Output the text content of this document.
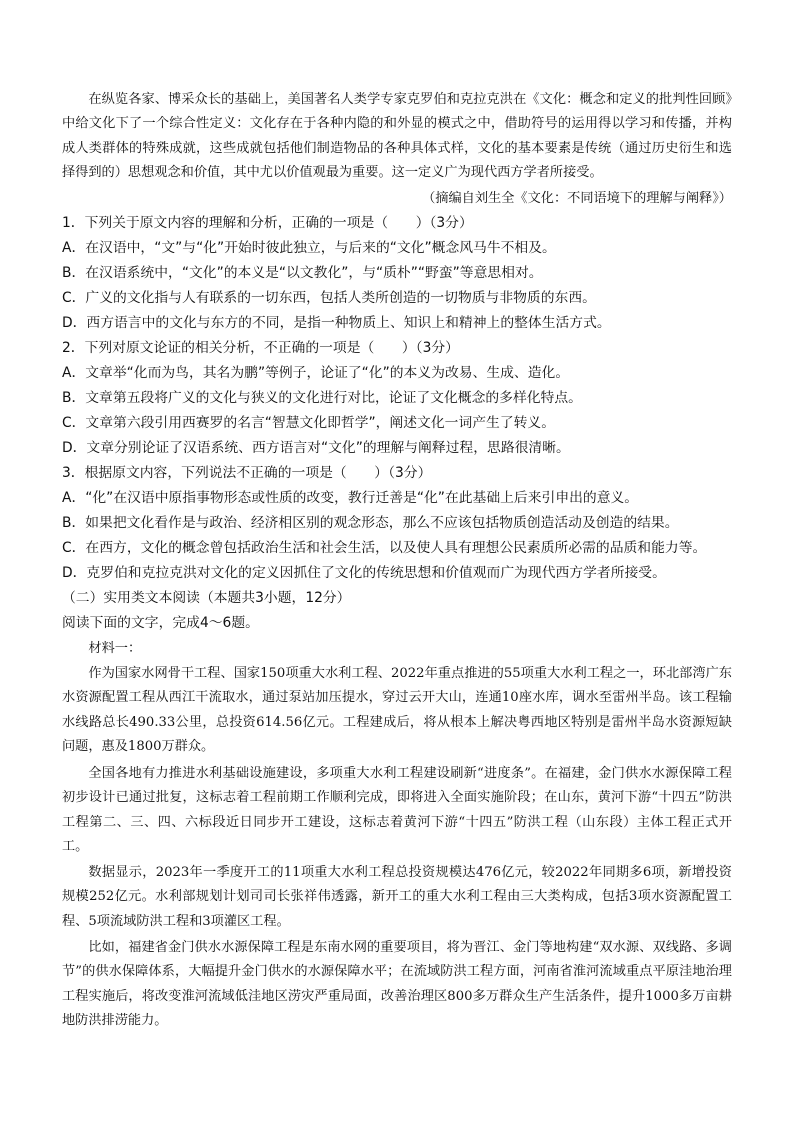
在纵览各家、博采众长的基础上，美国著名人类学专家克罗伯和克拉克洪在《文化：概念和定义的批判性回顾》中给文化下了一个综合性定义：文化存在于各种内隐的和外显的模式之中，借助符号的运用得以学习和传播，并构成人类群体的特殊成就，这些成就包括他们制造物品的各种具体式样，文化的基本要素是传统（通过历史衍生和选择得到的）思想观念和价值，其中尤以价值观最为重要。这一定义广为现代西方学者所接受。

（摘编自刘生全《文化：不同语境下的理解与阐释》）

1．下列关于原文内容的理解和分析，正确的一项是（　　）（3分）

A．在汉语中，“文”与“化”开始时彼此独立，与后来的“文化”概念风马牛不相及。

B．在汉语系统中，“文化”的本义是“以文教化”，与“质朴”“野蛮”等意思相对。

C．广义的文化指与人有联系的一切东西，包括人类所创造的一切物质与非物质的东西。

D．西方语言中的文化与东方的不同，是指一种物质上、知识上和精神上的整体生活方式。

2．下列对原文论证的相关分析，不正确的一项是（　　）（3分）

A．文章举“化而为鸟，其名为鹏”等例子，论证了“化”的本义为改易、生成、造化。

B．文章第五段将广义的文化与狭义的文化进行对比，论证了文化概念的多样化特点。

C．文章第六段引用西赛罗的名言“智慧文化即哲学”，阐述文化一词产生了转义。

D．文章分别论证了汉语系统、西方语言对“文化”的理解与阐释过程，思路很清晰。

3．根据原文内容，下列说法不正确的一项是（　　）（3分）

A．“化”在汉语中原指事物形态或性质的改变，教行迁善是“化”在此基础上后来引申出的意义。

B．如果把文化看作是与政治、经济相区别的观念形态，那么不应该包括物质创造活动及创造的结果。

C．在西方，文化的概念曾包括政治生活和社会生活，以及使人具有理想公民素质所必需的品质和能力等。

D．克罗伯和克拉克洪对文化的定义因抓住了文化的传统思想和价值观而广为现代西方学者所接受。

（二）实用类文本阅读（本题共3小题，12分）

阅读下面的文字，完成4～6题。

材料一：

作为国家水网骨干工程、国家150项重大水利工程、2022年重点推进的55项重大水利工程之一，环北部湾广东水资源配置工程从西江干流取水，通过泵站加压提水，穿过云开大山，连通10座水库，调水至雷州半岛。该工程输水线路总长490.33公里，总投资614.56亿元。工程建成后，将从根本上解决粤西地区特别是雷州半岛水资源短缺问题，惠及1800万群众。

全国各地有力推进水利基础设施建设，多项重大水利工程建设刷新“进度条”。在福建，金门供水水源保障工程初步设计已通过批复，这标志着工程前期工作顺利完成，即将进入全面实施阶段；在山东，黄河下游“十四五”防洪工程第二、三、四、六标段近日同步开工建设，这标志着黄河下游“十四五”防洪工程（山东段）主体工程正式开工。

数据显示，2023年一季度开工的11项重大水利工程总投资规模达476亿元，较2022年同期多6项，新增投资规模252亿元。水利部规划计划司司长张祥伟透露，新开工的重大水利工程由三大类构成，包括3项水资源配置工程、5项流域防洪工程和3项灌区工程。

比如，福建省金门供水水源保障工程是东南水网的重要项目，将为晋江、金门等地构建“双水源、双线路、多调节”的供水保障体系，大幅提升金门供水的水源保障水平；在流域防洪工程方面，河南省淮河流域重点平原洼地治理工程实施后，将改变淮河流域低洼地区涝灾严重局面，改善治理区800多万群众生产生活条件，提升1000多万亩耕地防洪排涝能力。
